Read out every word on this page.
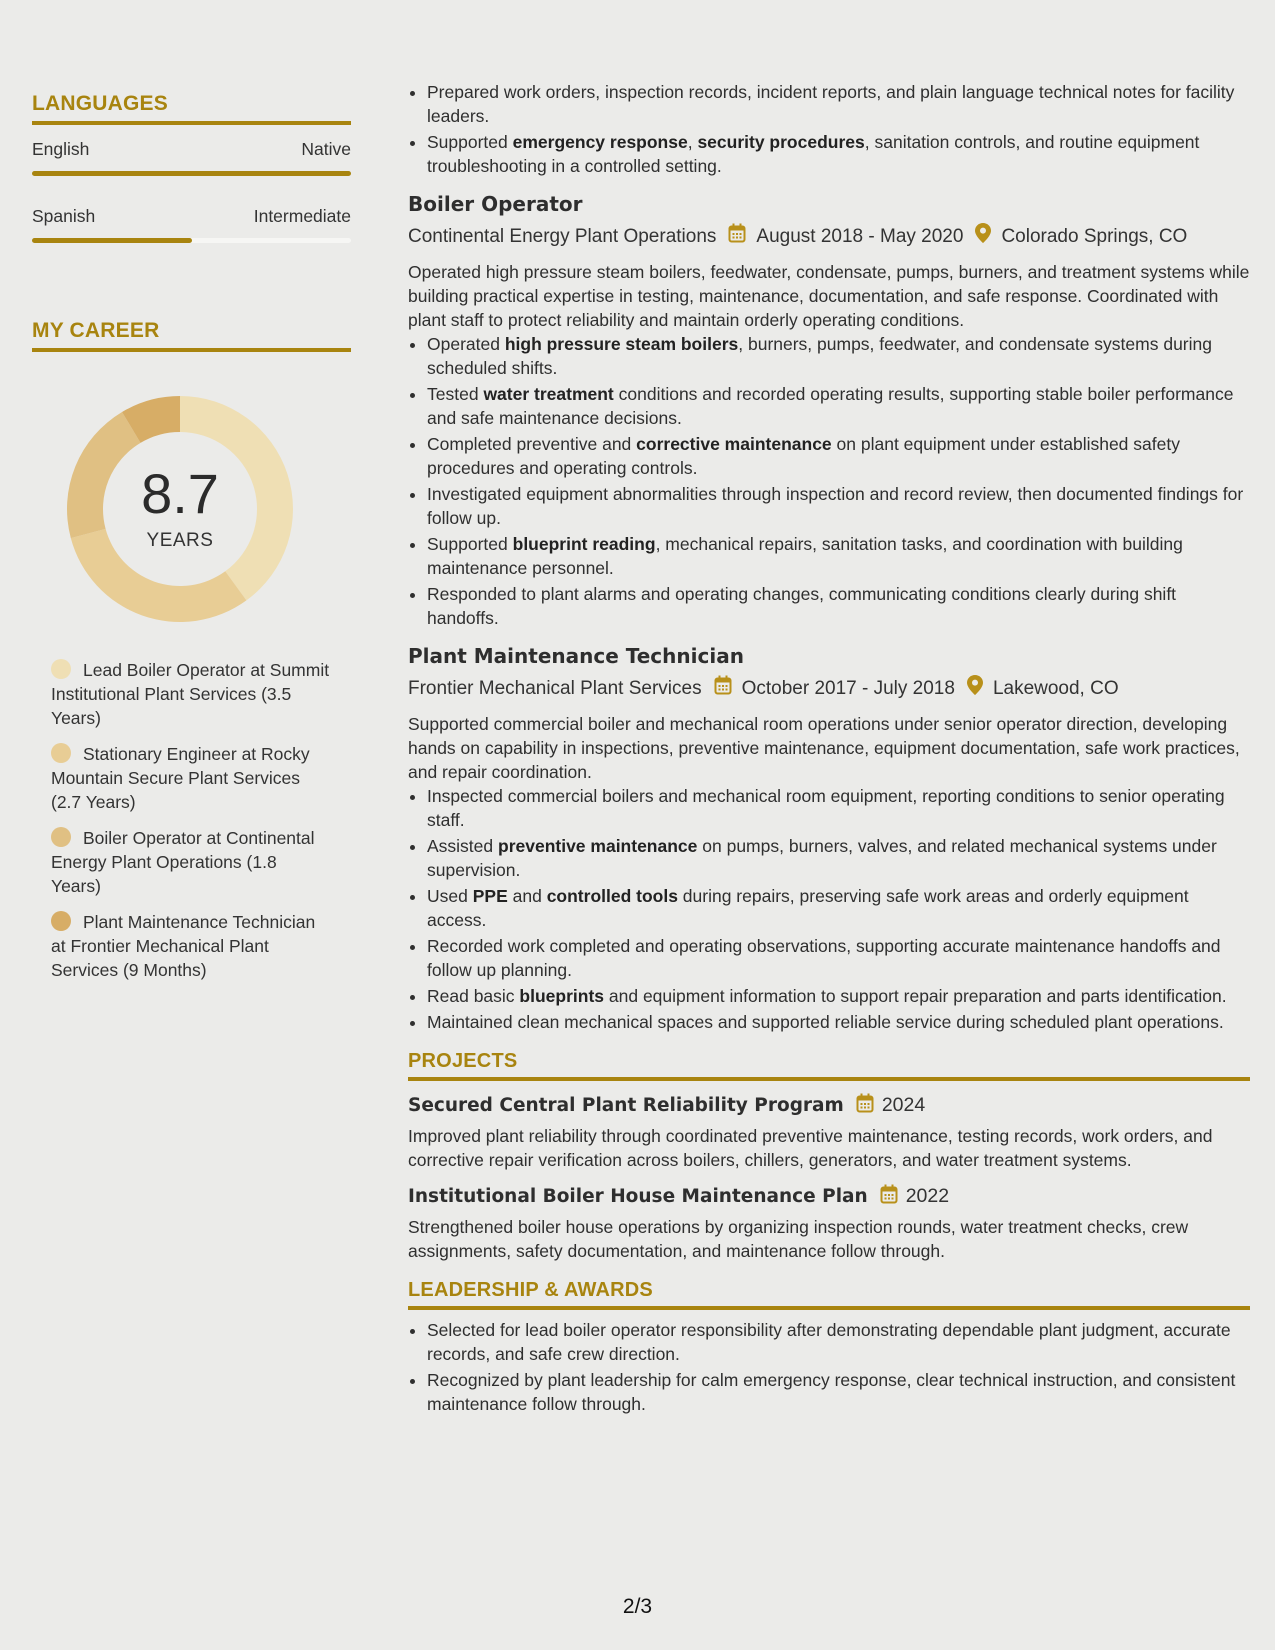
LANGUAGES
English	Native
Spanish	Intermediate
MY CAREER
8.7
YEARS
Lead Boiler Operator at Summit Institutional Plant Services (3.5 Years)
Stationary Engineer at Rocky Mountain Secure Plant Services (2.7 Years)
Boiler Operator at Continental Energy Plant Operations (1.8 Years)
Plant Maintenance Technician at Frontier Mechanical Plant Services (9 Months)
• Prepared work orders, inspection records, incident reports, and plain language technical notes for facility leaders.
• Supported emergency response, security procedures, sanitation controls, and routine equipment troubleshooting in a controlled setting.
Boiler Operator
Continental Energy Plant Operations August 2018 - May 2020 Colorado Springs, CO
Operated high pressure steam boilers, feedwater, condensate, pumps, burners, and treatment systems while building practical expertise in testing, maintenance, documentation, and safe response. Coordinated with plant staff to protect reliability and maintain orderly operating conditions.
• Operated high pressure steam boilers, burners, pumps, feedwater, and condensate systems during scheduled shifts.
• Tested water treatment conditions and recorded operating results, supporting stable boiler performance and safe maintenance decisions.
• Completed preventive and corrective maintenance on plant equipment under established safety procedures and operating controls.
• Investigated equipment abnormalities through inspection and record review, then documented findings for follow up.
• Supported blueprint reading, mechanical repairs, sanitation tasks, and coordination with building maintenance personnel.
• Responded to plant alarms and operating changes, communicating conditions clearly during shift handoffs.
Plant Maintenance Technician
Frontier Mechanical Plant Services October 2017 - July 2018 Lakewood, CO
Supported commercial boiler and mechanical room operations under senior operator direction, developing hands on capability in inspections, preventive maintenance, equipment documentation, safe work practices, and repair coordination.
• Inspected commercial boilers and mechanical room equipment, reporting conditions to senior operating staff.
• Assisted preventive maintenance on pumps, burners, valves, and related mechanical systems under supervision.
• Used PPE and controlled tools during repairs, preserving safe work areas and orderly equipment access.
• Recorded work completed and operating observations, supporting accurate maintenance handoffs and follow up planning.
• Read basic blueprints and equipment information to support repair preparation and parts identification.
• Maintained clean mechanical spaces and supported reliable service during scheduled plant operations.
PROJECTS
Secured Central Plant Reliability Program 2024
Improved plant reliability through coordinated preventive maintenance, testing records, work orders, and corrective repair verification across boilers, chillers, generators, and water treatment systems.
Institutional Boiler House Maintenance Plan 2022
Strengthened boiler house operations by organizing inspection rounds, water treatment checks, crew assignments, safety documentation, and maintenance follow through.
LEADERSHIP & AWARDS
• Selected for lead boiler operator responsibility after demonstrating dependable plant judgment, accurate records, and safe crew direction.
• Recognized by plant leadership for calm emergency response, clear technical instruction, and consistent maintenance follow through.
2/3
